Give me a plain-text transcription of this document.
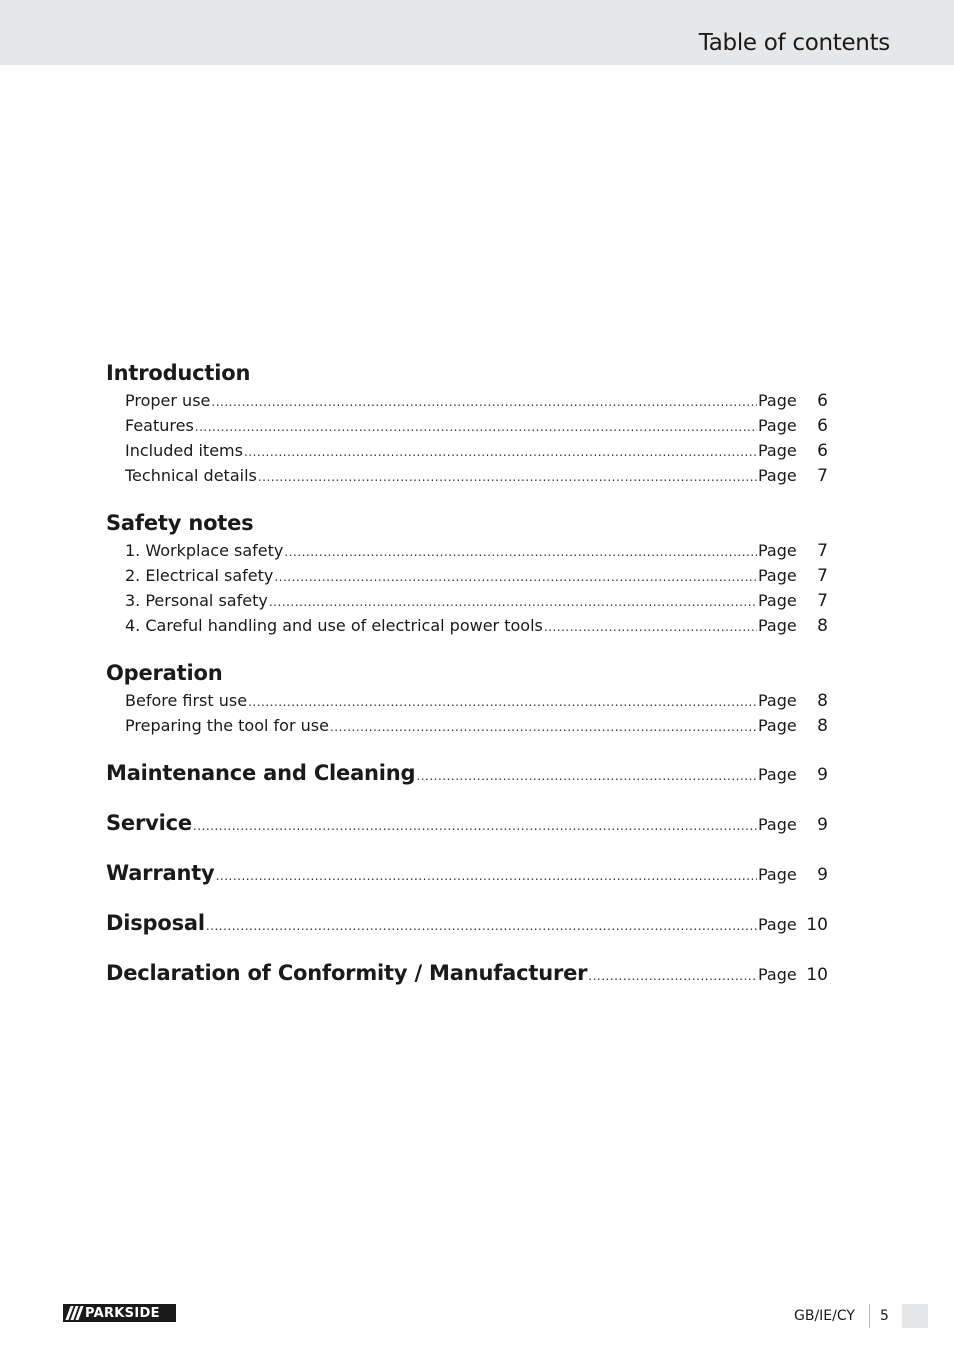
Table of contents
Introduction
Proper use .....	Page	6
Features .....	Page	6
Included items .....	Page	6
Technical details .....	Page	7
Safety notes
1. Workplace safety .....	Page	7
2. Electrical safety .....	Page	7
3. Personal safety .....	Page	7
4. Careful handling and use of electrical power tools .....	Page	8
Operation
Before first use .....	Page	8
Preparing the tool for use .....	Page	8
Maintenance and Cleaning .....	Page	9
Service .....	Page	9
Warranty .....	Page	9
Disposal .....	Page 10
Declaration of Conformity / Manufacturer .....	Page 10
PARKSIDE	GB/IE/CY 5
